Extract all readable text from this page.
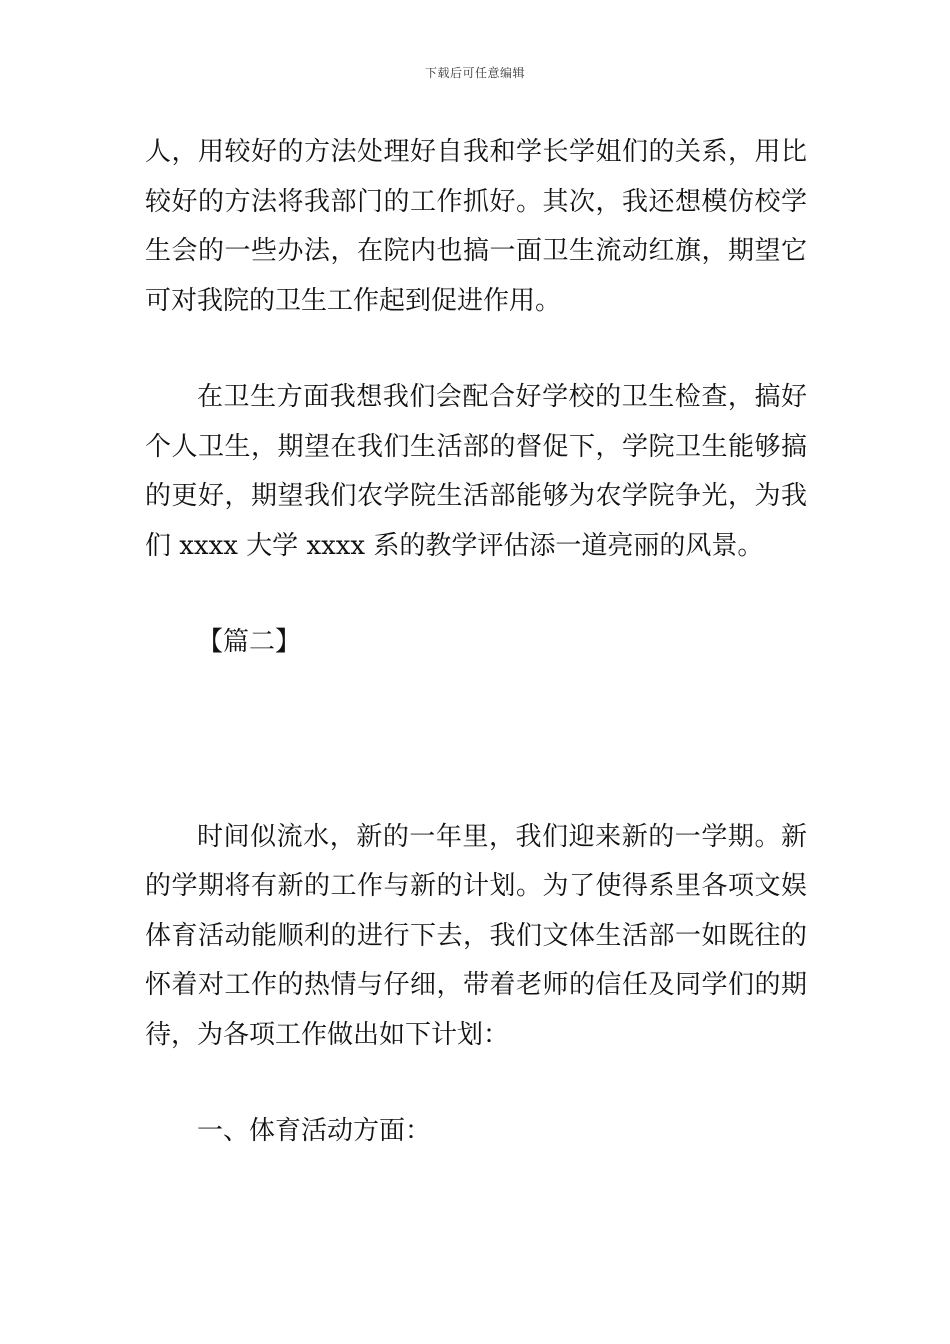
下载后可任意编辑

人，用较好的方法处理好自我和学长学姐们的关系，用比较好的方法将我部门的工作抓好。其次，我还想模仿校学生会的一些办法，在院内也搞一面卫生流动红旗，期望它可对我院的卫生工作起到促进作用。

在卫生方面我想我们会配合好学校的卫生检查，搞好个人卫生，期望在我们生活部的督促下，学院卫生能够搞的更好，期望我们农学院生活部能够为农学院争光，为我们 xxxx 大学 xxxx 系的教学评估添一道亮丽的风景。

【篇二】

时间似流水，新的一年里，我们迎来新的一学期。新的学期将有新的工作与新的计划。为了使得系里各项文娱体育活动能顺利的进行下去，我们文体生活部一如既往的怀着对工作的热情与仔细，带着老师的信任及同学们的期待，为各项工作做出如下计划：

一、体育活动方面：
